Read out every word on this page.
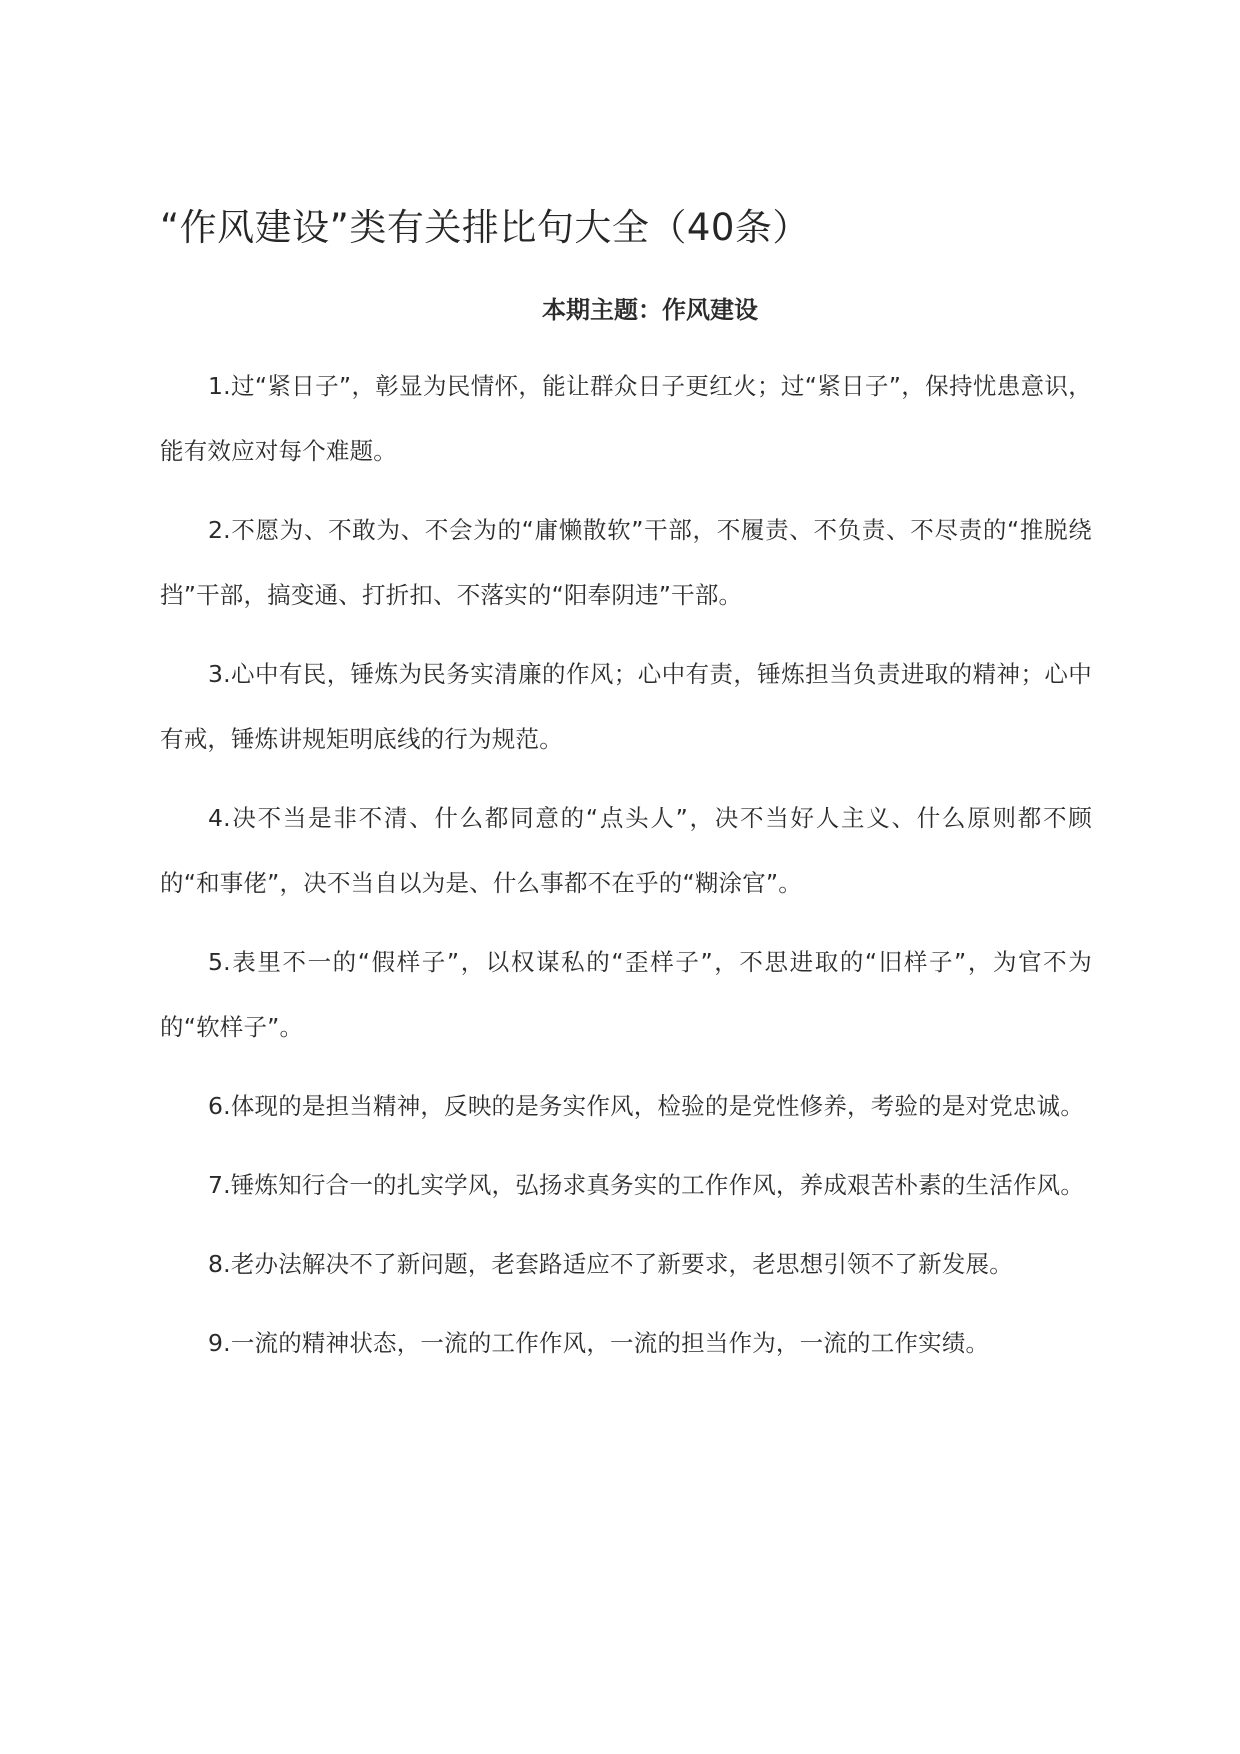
“作风建设”类有关排比句大全（40条）
本期主题：作风建设
1.过“紧日子”，彰显为民情怀，能让群众日子更红火；过“紧日子”，保持忧患意识，能有效应对每个难题。
2.不愿为、不敢为、不会为的“庸懒散软”干部，不履责、不负责、不尽责的“推脱绕挡”干部，搞变通、打折扣、不落实的“阳奉阴违”干部。
3.心中有民，锤炼为民务实清廉的作风；心中有责，锤炼担当负责进取的精神；心中有戒，锤炼讲规矩明底线的行为规范。
4.决不当是非不清、什么都同意的“点头人”，决不当好人主义、什么原则都不顾的“和事佬”，决不当自以为是、什么事都不在乎的“糊涂官”。
5.表里不一的“假样子”，以权谋私的“歪样子”，不思进取的“旧样子”，为官不为的“软样子”。
6.体现的是担当精神，反映的是务实作风，检验的是党性修养，考验的是对党忠诚。
7.锤炼知行合一的扎实学风，弘扬求真务实的工作作风，养成艰苦朴素的生活作风。
8.老办法解决不了新问题，老套路适应不了新要求，老思想引领不了新发展。
9.一流的精神状态，一流的工作作风，一流的担当作为，一流的工作实绩。
